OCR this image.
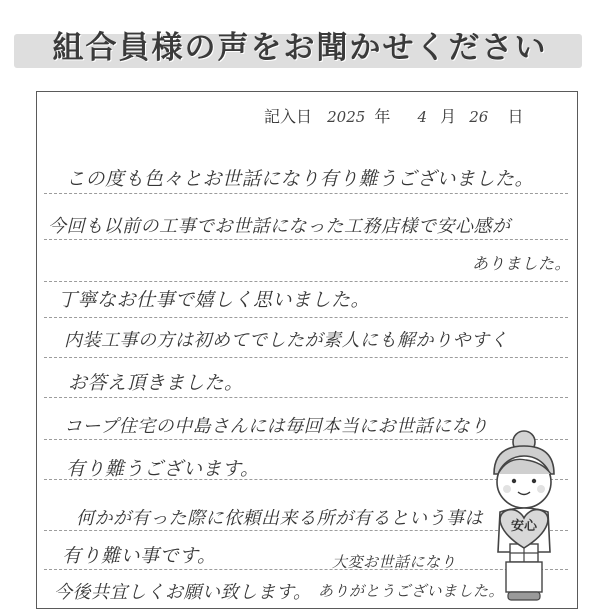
組合員様の声をお聞かせください
記入日 2025 年 4 月 26 日
この度も色々とお世話になり有り難うございました。
今回も以前の工事でお世話になった工務店様で安心感が
ありました。
丁寧なお仕事で嬉しく思いました。
内装工事の方は初めてでしたが素人にも解かりやすく
お答え頂きました。
コープ住宅の中島さんには毎回本当にお世話になり
有り難うございます。
何かが有った際に依頼出来る所が有るという事は
有り難い事です。
今後共宜しくお願い致します。
大変お世話になり
ありがとうございました。
安心
